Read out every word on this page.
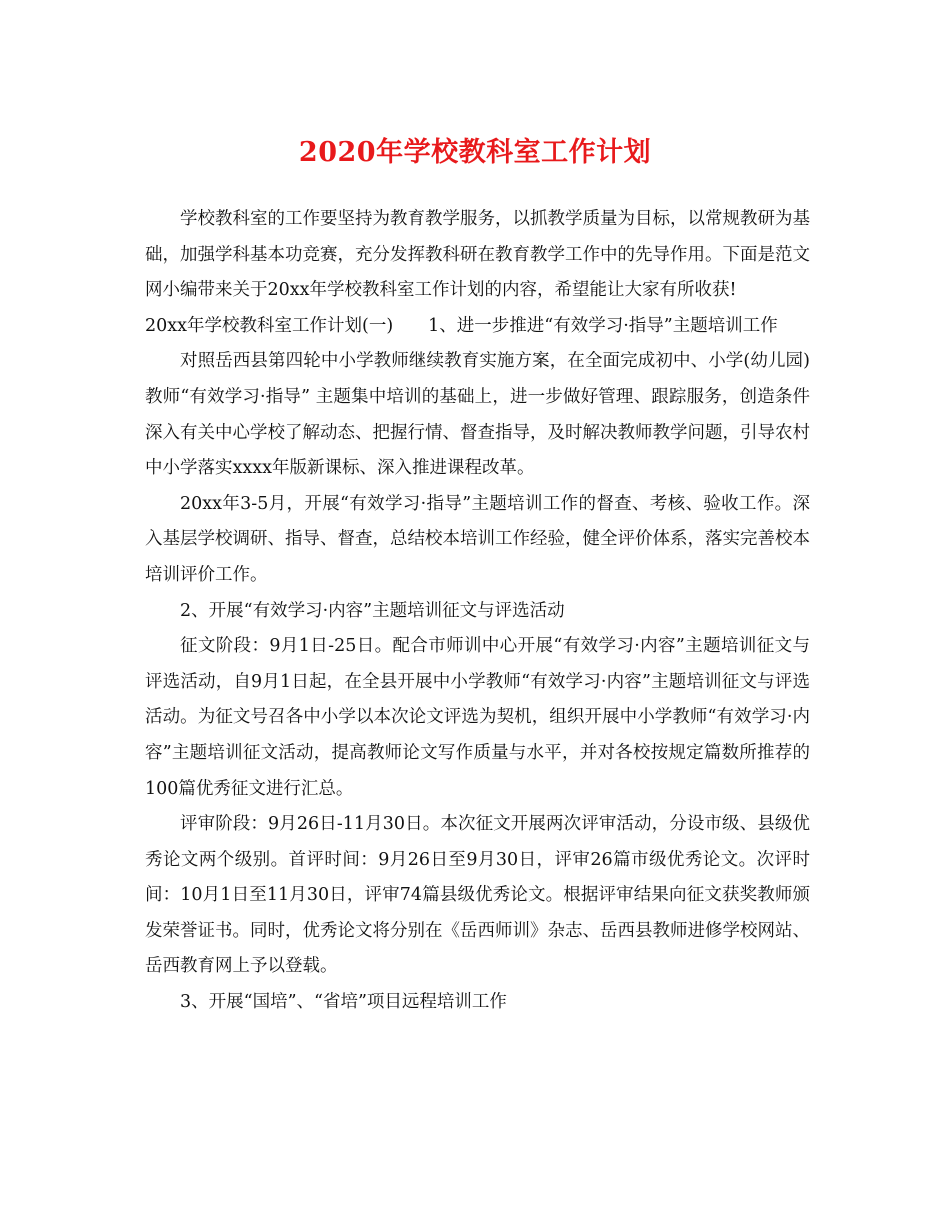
2020年学校教科室工作计划

学校教科室的工作要坚持为教育教学服务，以抓教学质量为目标，以常规教研为基础，加强学科基本功竞赛，充分发挥教科研在教育教学工作中的先导作用。下面是范文网小编带来关于20xx年学校教科室工作计划的内容，希望能让大家有所收获!

20xx年学校教科室工作计划(一)　　1、进一步推进“有效学习·指导”主题培训工作

对照岳西县第四轮中小学教师继续教育实施方案，在全面完成初中、小学(幼儿园)教师“有效学习·指导” 主题集中培训的基础上，进一步做好管理、跟踪服务，创造条件深入有关中心学校了解动态、把握行情、督查指导，及时解决教师教学问题，引导农村中小学落实xxxx年版新课标、深入推进课程改革。

20xx年3-5月，开展“有效学习·指导”主题培训工作的督查、考核、验收工作。深入基层学校调研、指导、督查，总结校本培训工作经验，健全评价体系，落实完善校本培训评价工作。

2、开展“有效学习·内容”主题培训征文与评选活动

征文阶段：9月1日-25日。配合市师训中心开展“有效学习·内容”主题培训征文与评选活动，自9月1日起，在全县开展中小学教师“有效学习·内容”主题培训征文与评选活动。为征文号召各中小学以本次论文评选为契机，组织开展中小学教师“有效学习·内容”主题培训征文活动，提高教师论文写作质量与水平，并对各校按规定篇数所推荐的100篇优秀征文进行汇总。

评审阶段：9月26日-11月30日。本次征文开展两次评审活动，分设市级、县级优秀论文两个级别。首评时间：9月26日至9月30日，评审26篇市级优秀论文。次评时间：10月1日至11月30日，评审74篇县级优秀论文。根据评审结果向征文获奖教师颁发荣誉证书。同时，优秀论文将分别在《岳西师训》杂志、岳西县教师进修学校网站、岳西教育网上予以登载。

3、开展“国培”、“省培”项目远程培训工作
